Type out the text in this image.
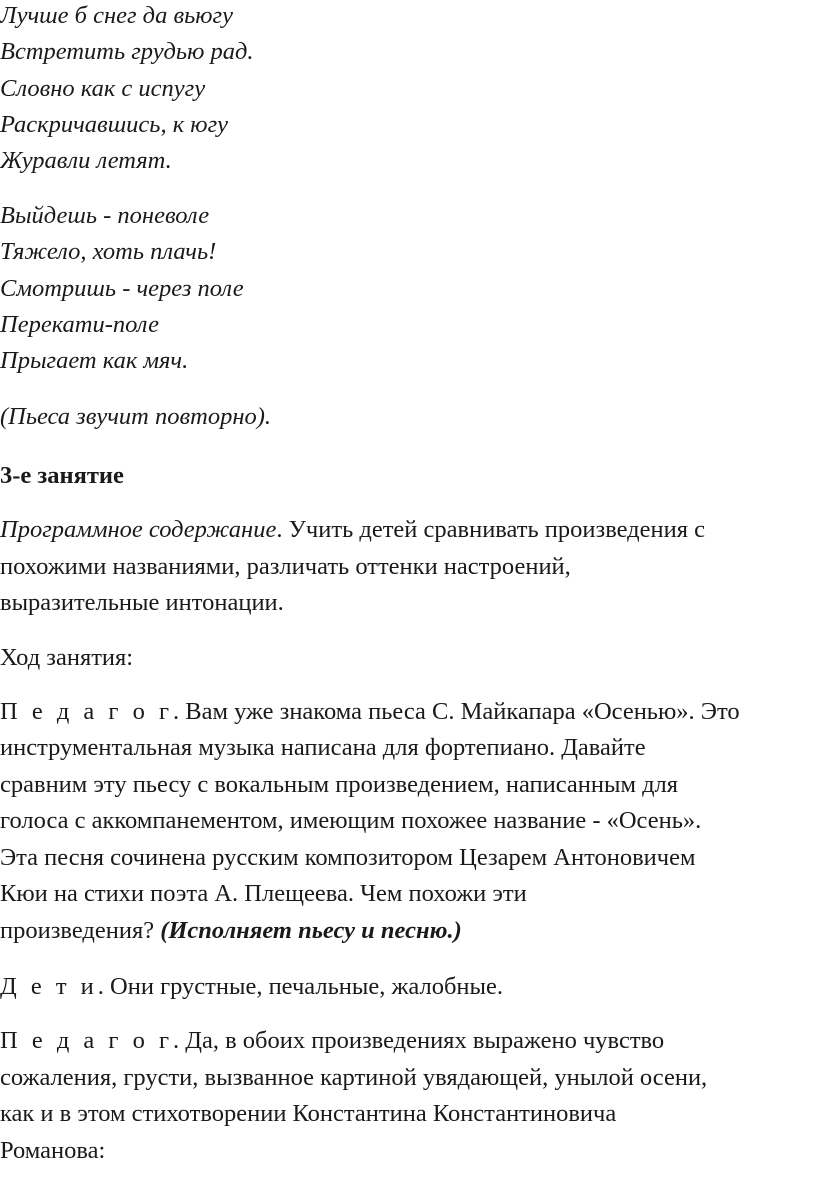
Лучше б снег да вьюгу
Встретить грудью рад.
Словно как с испугу
Раскричавшись, к югу
Журавли летят.
Выйдешь - поневоле
Тяжело, хоть плачь!
Смотришь - через поле
Перекати-поле
Прыгает как мяч.
(Пьеса звучит повторно).
3-е занятие
Программное содержание. Учить детей сравнивать произведения с
похожими названиями, различать оттенки настроений,
выразительные интонации.
Ход занятия:
П е д а г о г. Вам уже знакома пьеса С. Майкапара «Осенью». Это
инструментальная музыка написана для фортепиано. Давайте
сравним эту пьесу с вокальным произведением, написанным для
голоса с аккомпанементом, имеющим похожее название - «Осень».
Эта песня сочинена русским композитором Цезарем Антоновичем
Кюи на стихи поэта А. Плещеева. Чем похожи эти
произведения? (Исполняет пьесу и песню.)
Д е т и. Они грустные, печальные, жалобные.
П е д а г о г. Да, в обоих произведениях выражено чувство
сожаления, грусти, вызванное картиной увядающей, унылой осени,
как и в этом стихотворении Константина Константиновича
Романова:
